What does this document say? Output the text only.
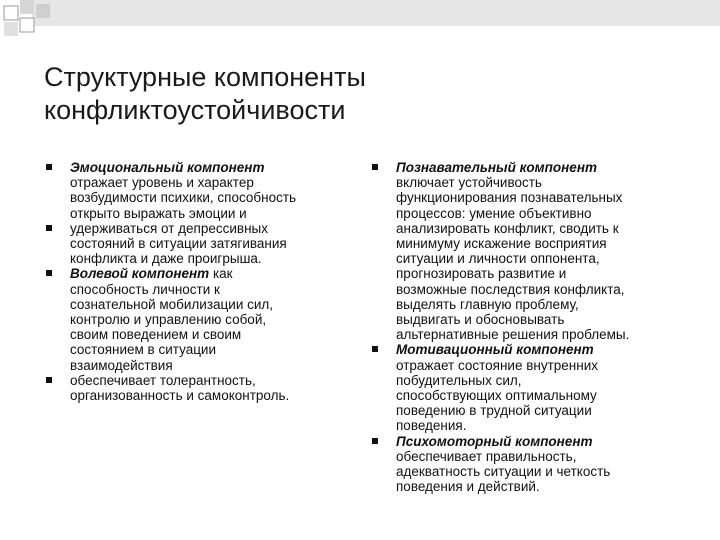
Структурные компоненты
конфликтоустойчивости
Эмоциональный компонент
отражает уровень и характер
возбудимости психики, способность
открыто выражать эмоции и
удерживаться от депрессивных
состояний в ситуации затягивания
конфликта и даже проигрыша.
Волевой компонент как
способность личности к
сознательной мобилизации сил,
контролю и управлению собой,
своим поведением и своим
состоянием в ситуации
взаимодействия
обеспечивает толерантность,
организованность и самоконтроль.
Познавательный компонент
включает устойчивость
функционирования познавательных
процессов: умение объективно
анализировать конфликт, сводить к
минимуму искажение восприятия
ситуации и личности оппонента,
прогнозировать развитие и
возможные последствия конфликта,
выделять главную проблему,
выдвигать и обосновывать
альтернативные решения проблемы.
Мотивационный компонент
отражает состояние внутренних
побудительных сил,
способствующих оптимальному
поведению в трудной ситуации
поведения.
Психомоторный компонент
обеспечивает правильность,
адекватность ситуации и четкость
поведения и действий.
